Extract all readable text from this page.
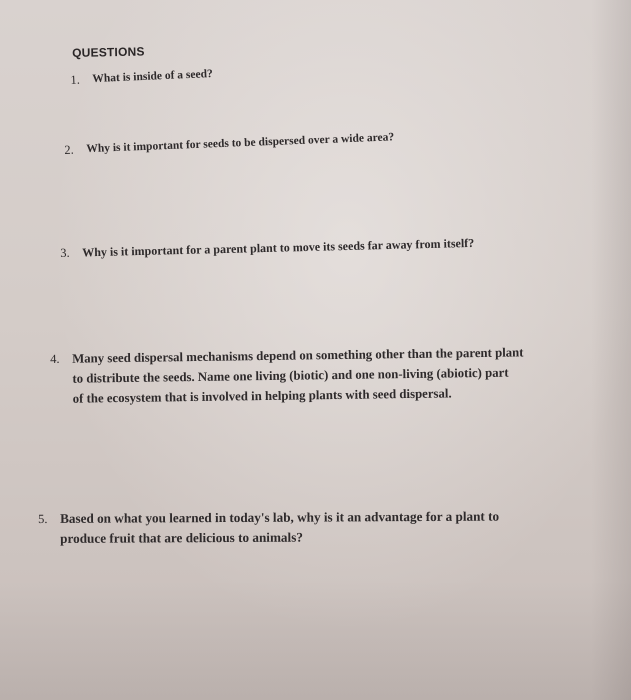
QUESTIONS
1. What is inside of a seed?
2. Why is it important for seeds to be dispersed over a wide area?
3. Why is it important for a parent plant to move its seeds far away from itself?
4. Many seed dispersal mechanisms depend on something other than the parent plant
to distribute the seeds. Name one living (biotic) and one non-living (abiotic) part
of the ecosystem that is involved in helping plants with seed dispersal.
5. Based on what you learned in today's lab, why is it an advantage for a plant to
produce fruit that are delicious to animals?
